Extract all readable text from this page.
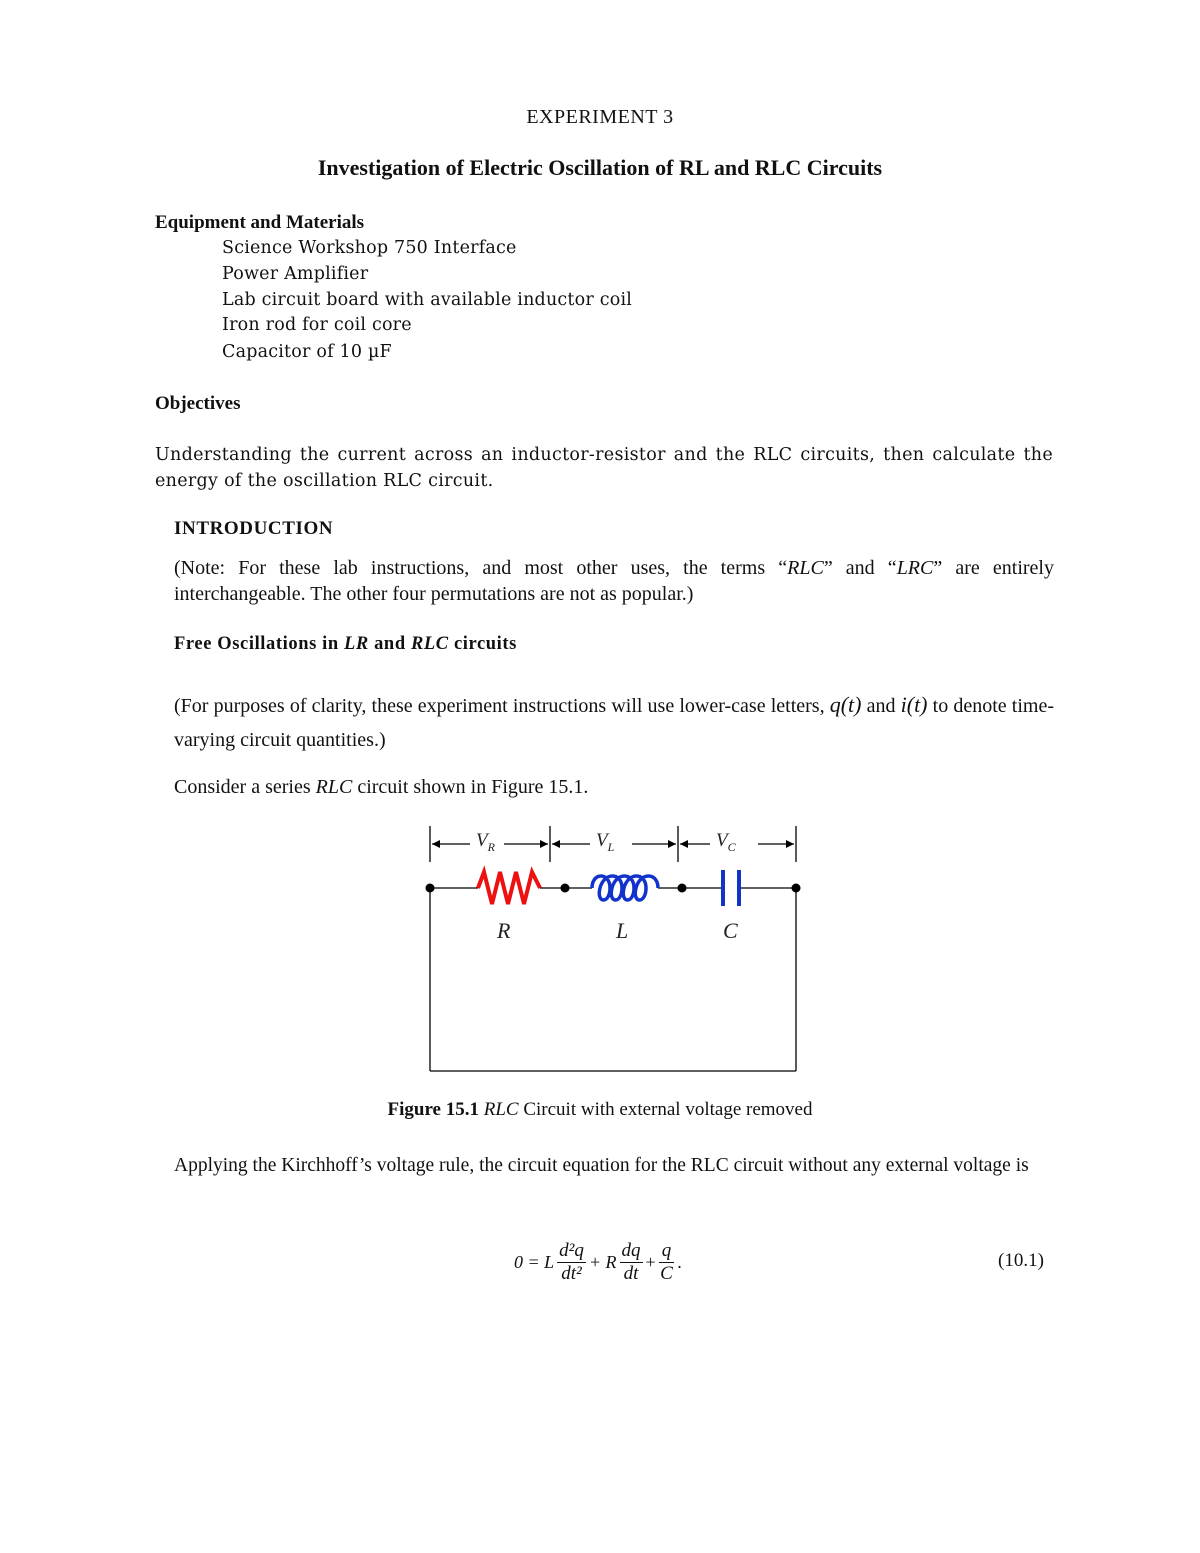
EXPERIMENT 3
Investigation of Electric Oscillation of RL and RLC Circuits
Equipment and Materials
Science Workshop 750 Interface
Power Amplifier
Lab circuit board with available inductor coil
Iron rod for coil core
Capacitor of 10 µF
Objectives
Understanding the current across an inductor-resistor and the RLC circuits, then calculate the energy of the oscillation RLC circuit.
INTRODUCTION
(Note: For these lab instructions, and most other uses, the terms “RLC” and “LRC” are entirely interchangeable. The other four permutations are not as popular.)
Free Oscillations in LR and RLC circuits
(For purposes of clarity, these experiment instructions will use lower-case letters, q(t) and i(t) to denote time-varying circuit quantities.)
Consider a series RLC circuit shown in Figure 15.1.
$V_R$	$V_L$	$V_C$
R	L	C
Figure 15.1 RLC Circuit with external voltage removed
Applying the Kirchhoff’s voltage rule, the circuit equation for the RLC circuit without any external voltage is
0 = L
d²q
dt²
+ R
dq
dt
+ $\frac{q}{C}$ .	(10.1)
